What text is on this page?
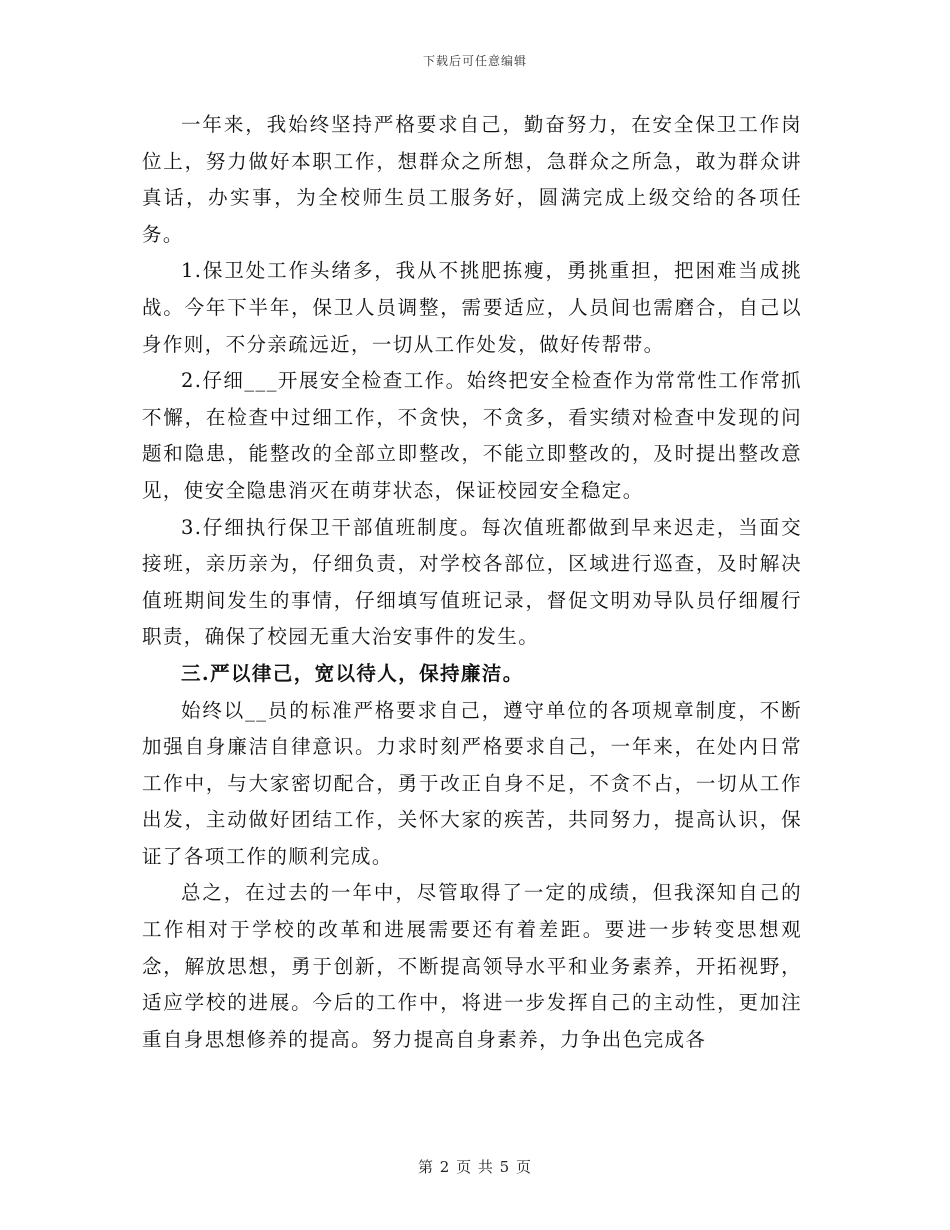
下载后可任意编辑

一年来，我始终坚持严格要求自己，勤奋努力，在安全保卫工作岗位上，努力做好本职工作，想群众之所想，急群众之所急，敢为群众讲真话，办实事，为全校师生员工服务好，圆满完成上级交给的各项任务。

1.保卫处工作头绪多，我从不挑肥拣瘦，勇挑重担，把困难当成挑战。今年下半年，保卫人员调整，需要适应，人员间也需磨合，自己以身作则，不分亲疏远近，一切从工作处发，做好传帮带。

2.仔细___开展安全检查工作。始终把安全检查作为常常性工作常抓不懈，在检查中过细工作，不贪快，不贪多，看实绩对检查中发现的问题和隐患，能整改的全部立即整改，不能立即整改的，及时提出整改意见，使安全隐患消灭在萌芽状态，保证校园安全稳定。

3.仔细执行保卫干部值班制度。每次值班都做到早来迟走，当面交接班，亲历亲为，仔细负责，对学校各部位，区域进行巡查，及时解决值班期间发生的事情，仔细填写值班记录，督促文明劝导队员仔细履行职责，确保了校园无重大治安事件的发生。

三.严以律己，宽以待人，保持廉洁。

始终以__员的标准严格要求自己，遵守单位的各项规章制度，不断加强自身廉洁自律意识。力求时刻严格要求自己，一年来，在处内日常工作中，与大家密切配合，勇于改正自身不足，不贪不占，一切从工作出发，主动做好团结工作，关怀大家的疾苦，共同努力，提高认识，保证了各项工作的顺利完成。

总之，在过去的一年中，尽管取得了一定的成绩，但我深知自己的工作相对于学校的改革和进展需要还有着差距。要进一步转变思想观念，解放思想，勇于创新，不断提高领导水平和业务素养，开拓视野，适应学校的进展。今后的工作中，将进一步发挥自己的主动性，更加注重自身思想修养的提高。努力提高自身素养，力争出色完成各

第 2 页 共 5 页
